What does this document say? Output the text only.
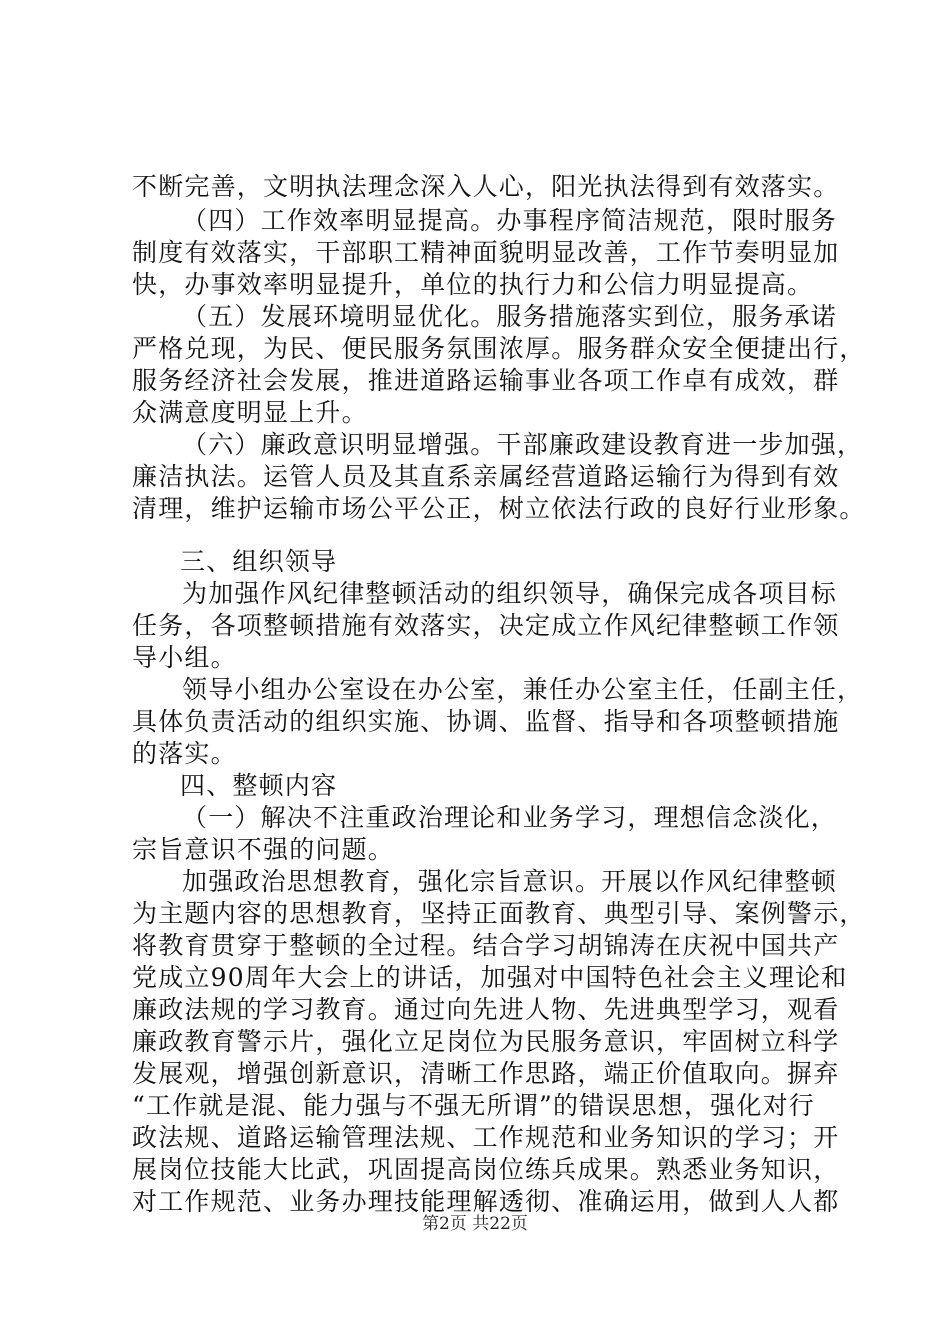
不断完善，文明执法理念深入人心，阳光执法得到有效落实。
（四）工作效率明显提高。办事程序简洁规范，限时服务
制度有效落实，干部职工精神面貌明显改善，工作节奏明显加
快，办事效率明显提升，单位的执行力和公信力明显提高。
（五）发展环境明显优化。服务措施落实到位，服务承诺
严格兑现，为民、便民服务氛围浓厚。服务群众安全便捷出行，
服务经济社会发展，推进道路运输事业各项工作卓有成效，群
众满意度明显上升。
（六）廉政意识明显增强。干部廉政建设教育进一步加强，
廉洁执法。运管人员及其直系亲属经营道路运输行为得到有效
清理，维护运输市场公平公正，树立依法行政的良好行业形象。
三、组织领导
为加强作风纪律整顿活动的组织领导，确保完成各项目标
任务，各项整顿措施有效落实，决定成立作风纪律整顿工作领
导小组。
领导小组办公室设在办公室，兼任办公室主任，任副主任，
具体负责活动的组织实施、协调、监督、指导和各项整顿措施
的落实。
四、整顿内容
（一）解决不注重政治理论和业务学习，理想信念淡化，
宗旨意识不强的问题。
加强政治思想教育，强化宗旨意识。开展以作风纪律整顿
为主题内容的思想教育，坚持正面教育、典型引导、案例警示，
将教育贯穿于整顿的全过程。结合学习胡锦涛在庆祝中国共产
党成立90周年大会上的讲话，加强对中国特色社会主义理论和
廉政法规的学习教育。通过向先进人物、先进典型学习，观看
廉政教育警示片，强化立足岗位为民服务意识，牢固树立科学
发展观，增强创新意识，清晰工作思路，端正价值取向。摒弃
“工作就是混、能力强与不强无所谓”的错误思想，强化对行
政法规、道路运输管理法规、工作规范和业务知识的学习；开
展岗位技能大比武，巩固提高岗位练兵成果。熟悉业务知识，
对工作规范、业务办理技能理解透彻、准确运用，做到人人都
第2页 共22页
